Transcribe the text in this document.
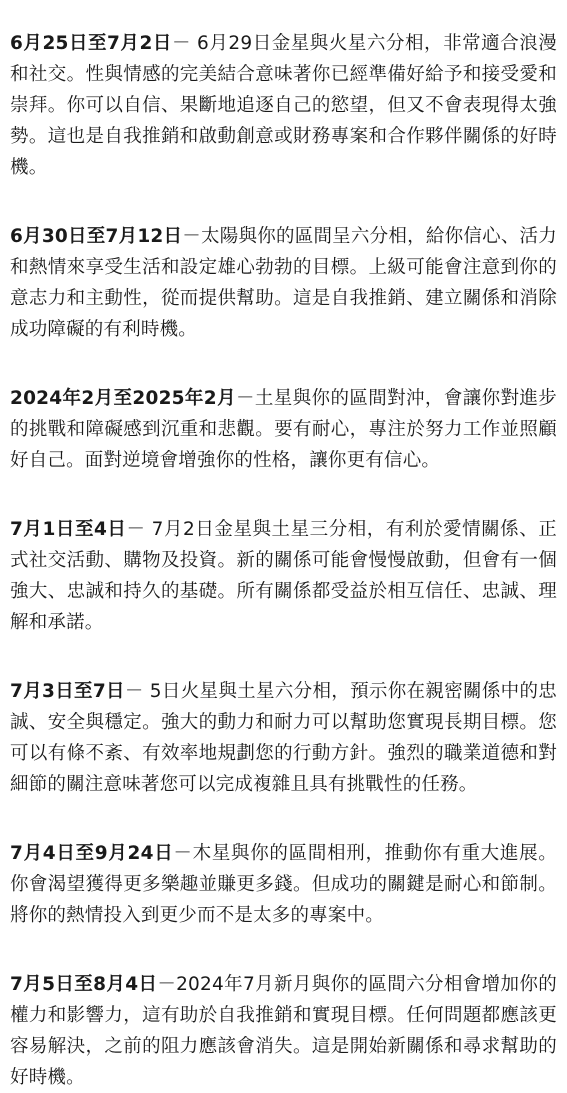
6月25日至7月2日－ 6月29日金星與火星六分相，非常適合浪漫和社交。性與情感的完美結合意味著你已經準備好給予和接受愛和崇拜。你可以自信、果斷地追逐自己的慾望，但又不會表現得太強勢。這也是自我推銷和啟動創意或財務專案和合作夥伴關係的好時機。

6月30日至7月12日－太陽與你的區間呈六分相，給你信心、活力和熱情來享受生活和設定雄心勃勃的目標。上級可能會注意到你的意志力和主動性，從而提供幫助。這是自我推銷、建立關係和消除成功障礙的有利時機。

2024年2月至2025年2月－土星與你的區間對沖，會讓你對進步的挑戰和障礙感到沉重和悲觀。要有耐心，專注於努力工作並照顧好自己。面對逆境會增強你的性格，讓你更有信心。

7月1日至4日－ 7月2日金星與土星三分相，有利於愛情關係、正式社交活動、購物及投資。新的關係可能會慢慢啟動，但會有一個強大、忠誠和持久的基礎。所有關係都受益於相互信任、忠誠、理解和承諾。

7月3日至7日－ 5日火星與土星六分相，預示你在親密關係中的忠誠、安全與穩定。強大的動力和耐力可以幫助您實現長期目標。您可以有條不紊、有效率地規劃您的行動方針。強烈的職業道德和對細節的關注意味著您可以完成複雜且具有挑戰性的任務。

7月4日至9月24日－木星與你的區間相刑，推動你有重大進展。你會渴望獲得更多樂趣並賺更多錢。但成功的關鍵是耐心和節制。將你的熱情投入到更少而不是太多的專案中。

7月5日至8月4日－2024年7月新月與你的區間六分相會增加你的權力和影響力，這有助於自我推銷和實現目標。任何問題都應該更容易解決，之前的阻力應該會消失。這是開始新關係和尋求幫助的好時機。
